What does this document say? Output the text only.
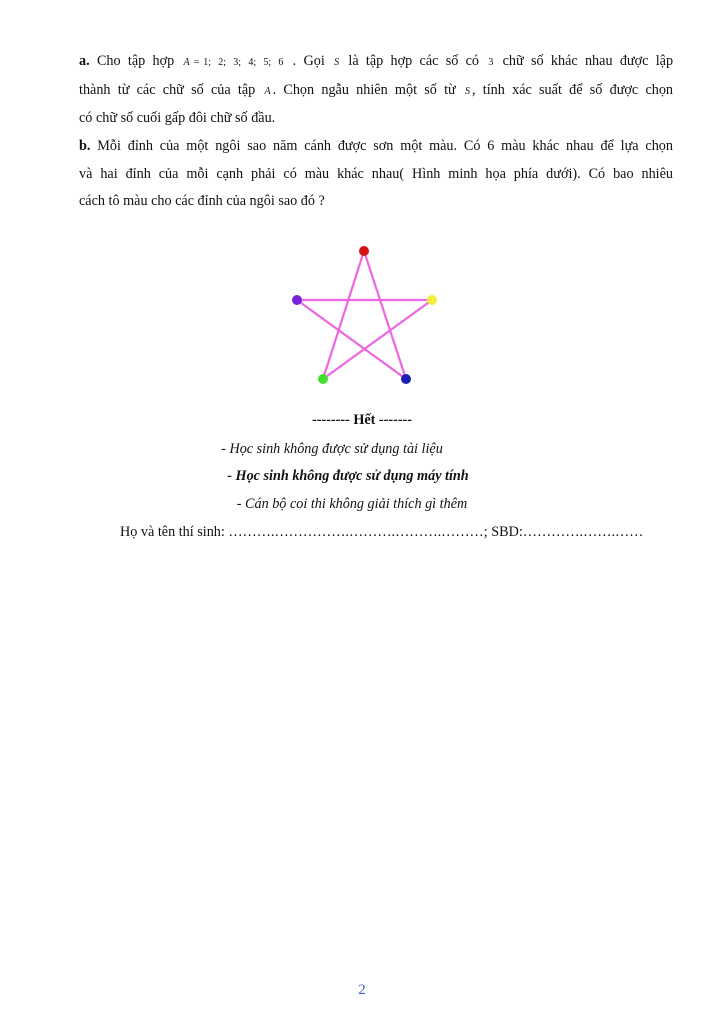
a. Cho tập hợp A = 1; 2; 3; 4; 5; 6 . Gọi S là tập hợp các số có 3 chữ số khác nhau được lập
thành từ các chữ số của tập A . Chọn ngẫu nhiên một số từ S , tính xác suất để số được chọn
có chữ số cuối gấp đôi chữ số đầu.
b. Mỗi đỉnh của một ngôi sao năm cánh được sơn một màu. Có 6 màu khác nhau để lựa chọn
và hai đỉnh của mỗi cạnh phải có màu khác nhau( Hình minh họa phía dưới). Có bao nhiêu
cách tô màu cho các đỉnh của ngôi sao đó ?
-------- Hết -------
- Học sinh không được sử dụng tài liệu
- Học sinh không được sử dụng máy tính
- Cán bộ coi thi không giải thích gì thêm
Họ và tên thí sinh: ……….…………….……….……….………; SBD:………….…….……
2
